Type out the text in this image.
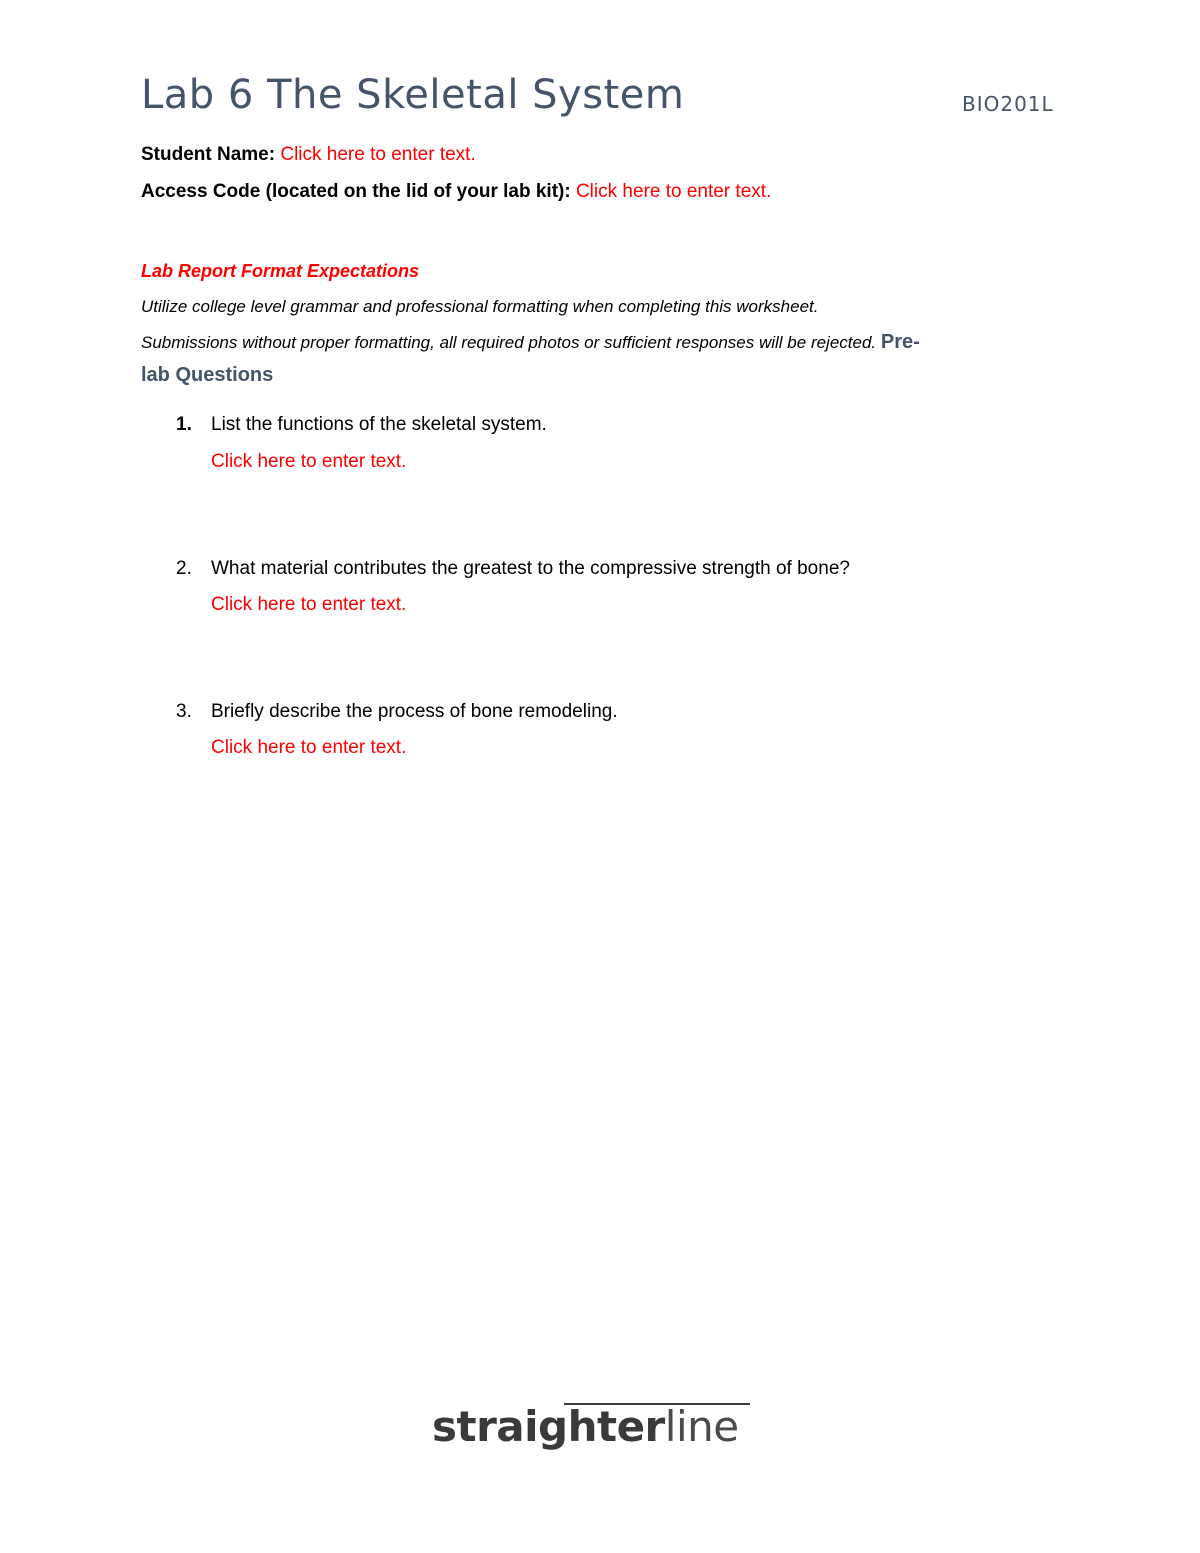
Lab 6 The Skeletal System	BIO201L
Student Name: Click here to enter text.
Access Code (located on the lid of your lab kit): Click here to enter text.
Lab Report Format Expectations
Utilize college level grammar and professional formatting when completing this worksheet.
Submissions without proper formatting, all required photos or sufficient responses will be rejected. Pre-
lab Questions
1. List the functions of the skeletal system.
Click here to enter text.
2. What material contributes the greatest to the compressive strength of bone?
Click here to enter text.
3. Briefly describe the process of bone remodeling.
Click here to enter text.
straighterline
